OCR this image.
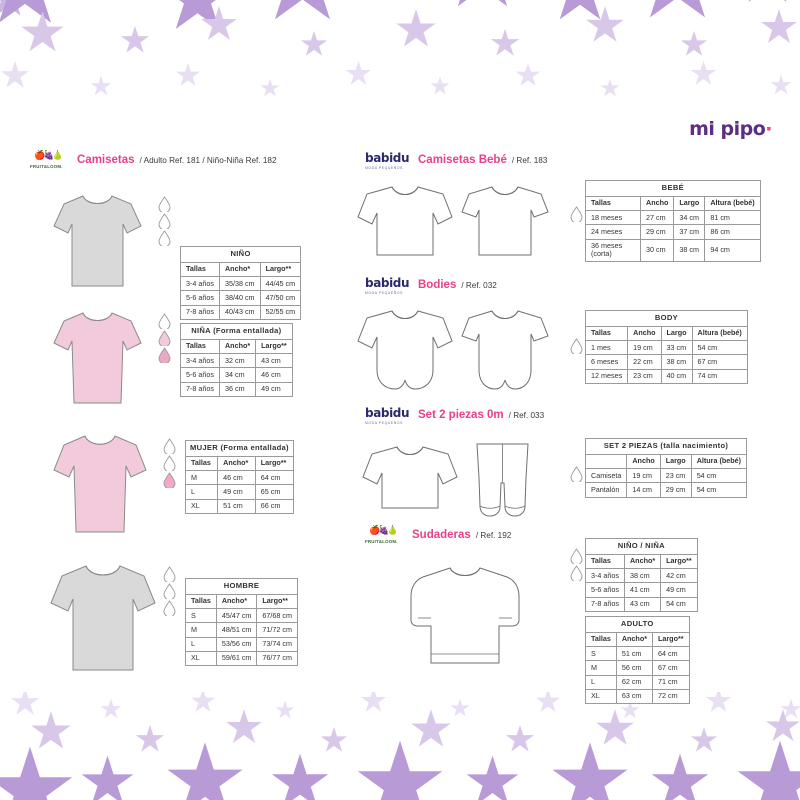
mi pipo·
🍎🍇🍐
FRUIT&LOOM.
Camisetas / Adulto Ref. 181 / Niño-Niña Ref. 182
NIÑO		
Tallas	Ancho*	Largo**
3-4 años	35/38 cm	44/45 cm
5-6 años	38/40 cm	47/50 cm
7-8 años	40/43 cm	52/55 cm
NIÑA (Forma entallada)		
Tallas	Ancho*	Largo**
3-4 años	32 cm	43 cm
5-6 años	34 cm	46 cm
7-8 años	36 cm	49 cm
MUJER (Forma entallada)		
Tallas	Ancho*	Largo**
M	46 cm	64 cm
L	49 cm	65 cm
XL	51 cm	66 cm
HOMBRE		
Tallas	Ancho*	Largo**
S	45/47 cm	67/68 cm
M	48/51 cm	71/72 cm
L	53/56 cm	73/74 cm
XL	59/61 cm	76/77 cm
babidu
MODA PEQUEÑOS
Camisetas Bebé / Ref. 183
BEBÉ			
Tallas	Ancho	Largo	Altura (bebé)
18 meses	27 cm	34 cm	81 cm
24 meses	29 cm	37 cm	86 cm
36 meses (corta)	30 cm	38 cm	94 cm
babidu
MODA PEQUEÑOS
Bodies / Ref. 032
BODY			
Tallas	Ancho	Largo	Altura (bebé)
1 mes	19 cm	33 cm	54 cm
6 meses	22 cm	38 cm	67 cm
12 meses	23 cm	40 cm	74 cm
babidu
MODA PEQUEÑOS
Set 2 piezas 0m / Ref. 033
SET 2 PIEZAS (talla nacimiento)			
	Ancho	Largo	Altura (bebé)
Camiseta	19 cm	23 cm	54 cm
Pantalón	14 cm	29 cm	54 cm
🍎🍇🍐
FRUIT&LOOM.
Sudaderas / Ref. 192
NIÑO / NIÑA		
Tallas	Ancho*	Largo**
3-4 años	38 cm	42 cm
5-6 años	41 cm	49 cm
7-8 años	43 cm	54 cm
ADULTO		
Tallas	Ancho*	Largo**
S	51 cm	64 cm
M	56 cm	67 cm
L	62 cm	71 cm
XL	63 cm	72 cm
